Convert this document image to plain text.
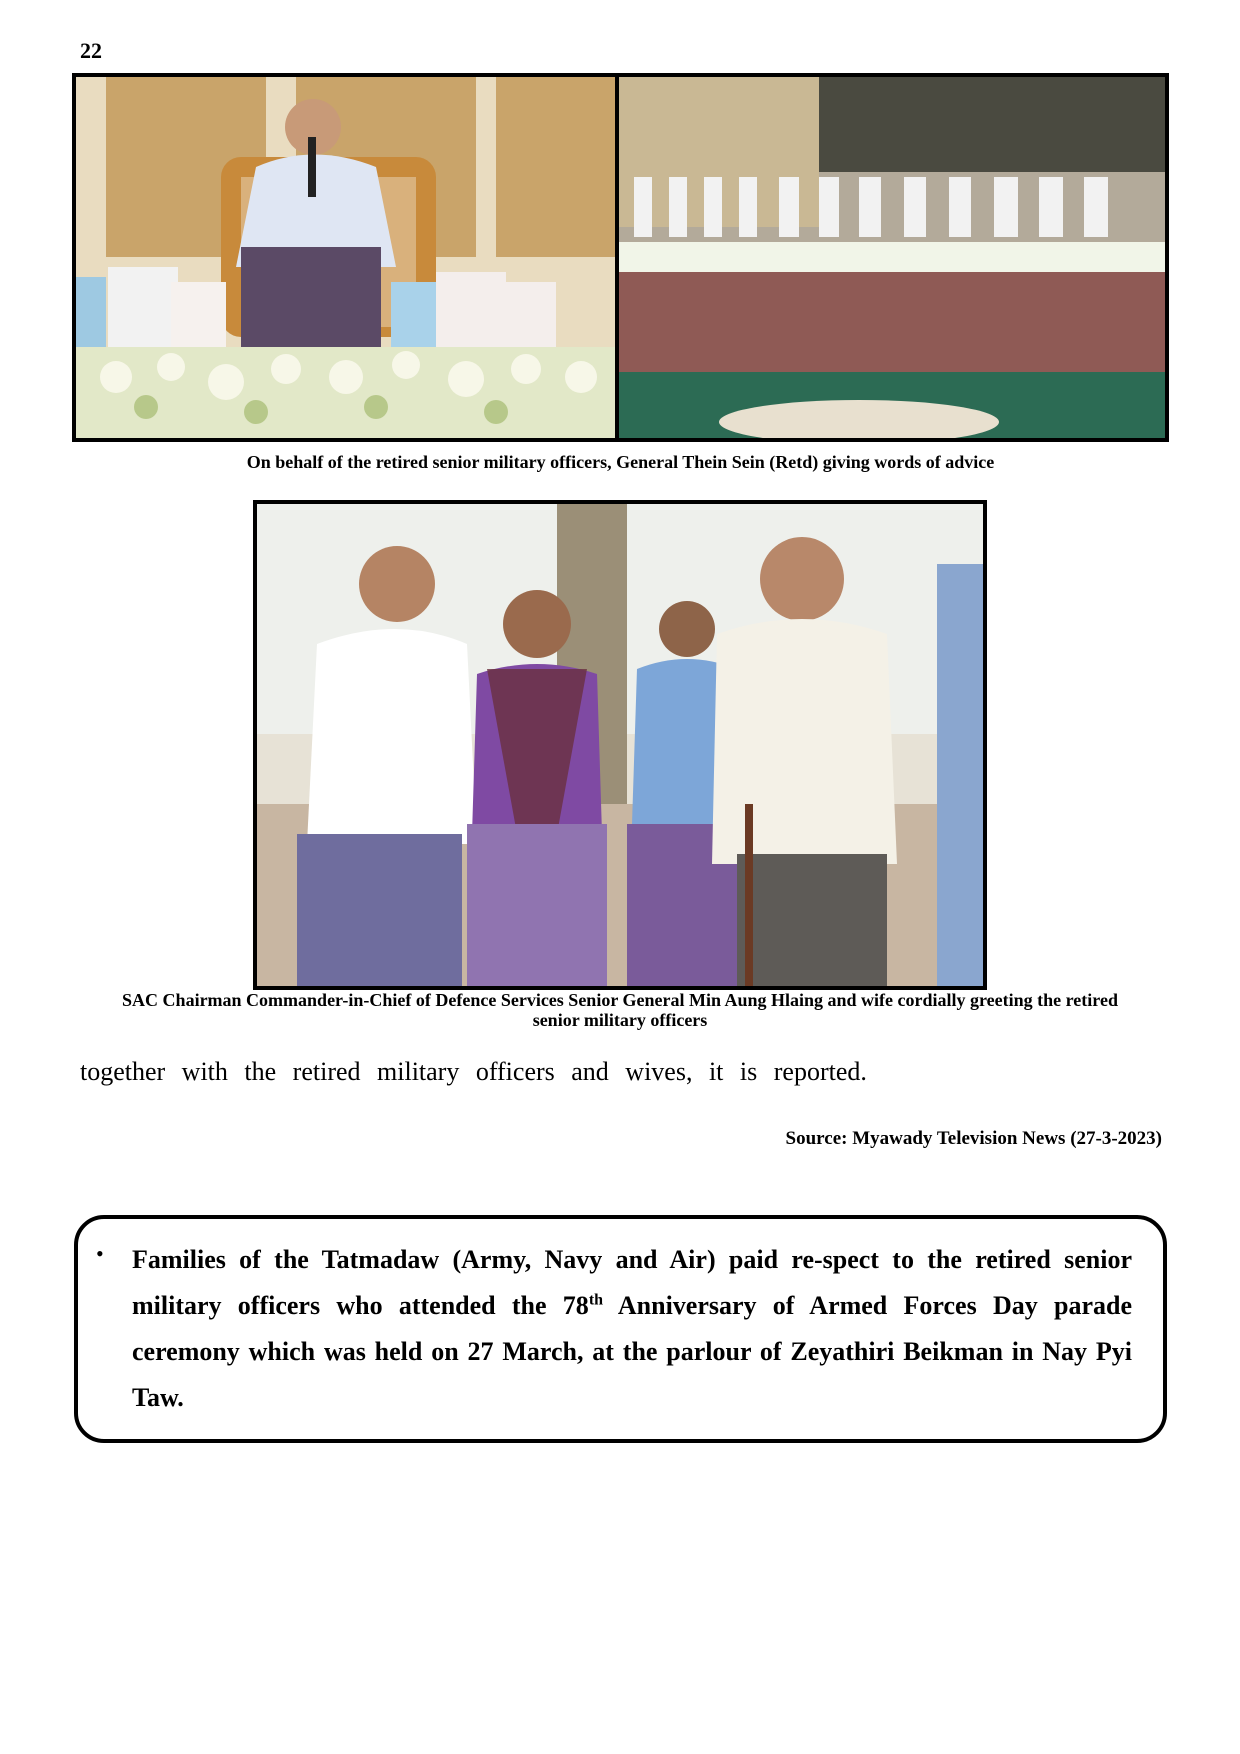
22
On behalf of the retired senior military officers, General Thein Sein (Retd) giving words of advice
SAC Chairman Commander-in-Chief of Defence Services Senior General Min Aung Hlaing and wife cordially greeting the retired senior military officers
together with the retired military officers and wives, it is reported.
Source: Myawady Television News (27-3-2023)
• Families of the Tatmadaw (Army, Navy and Air) paid re-spect to the retired senior military officers who attended the 78th Anniversary of Armed Forces Day parade ceremony which was held on 27 March, at the parlour of Zeyathiri Beikman in Nay Pyi Taw.
